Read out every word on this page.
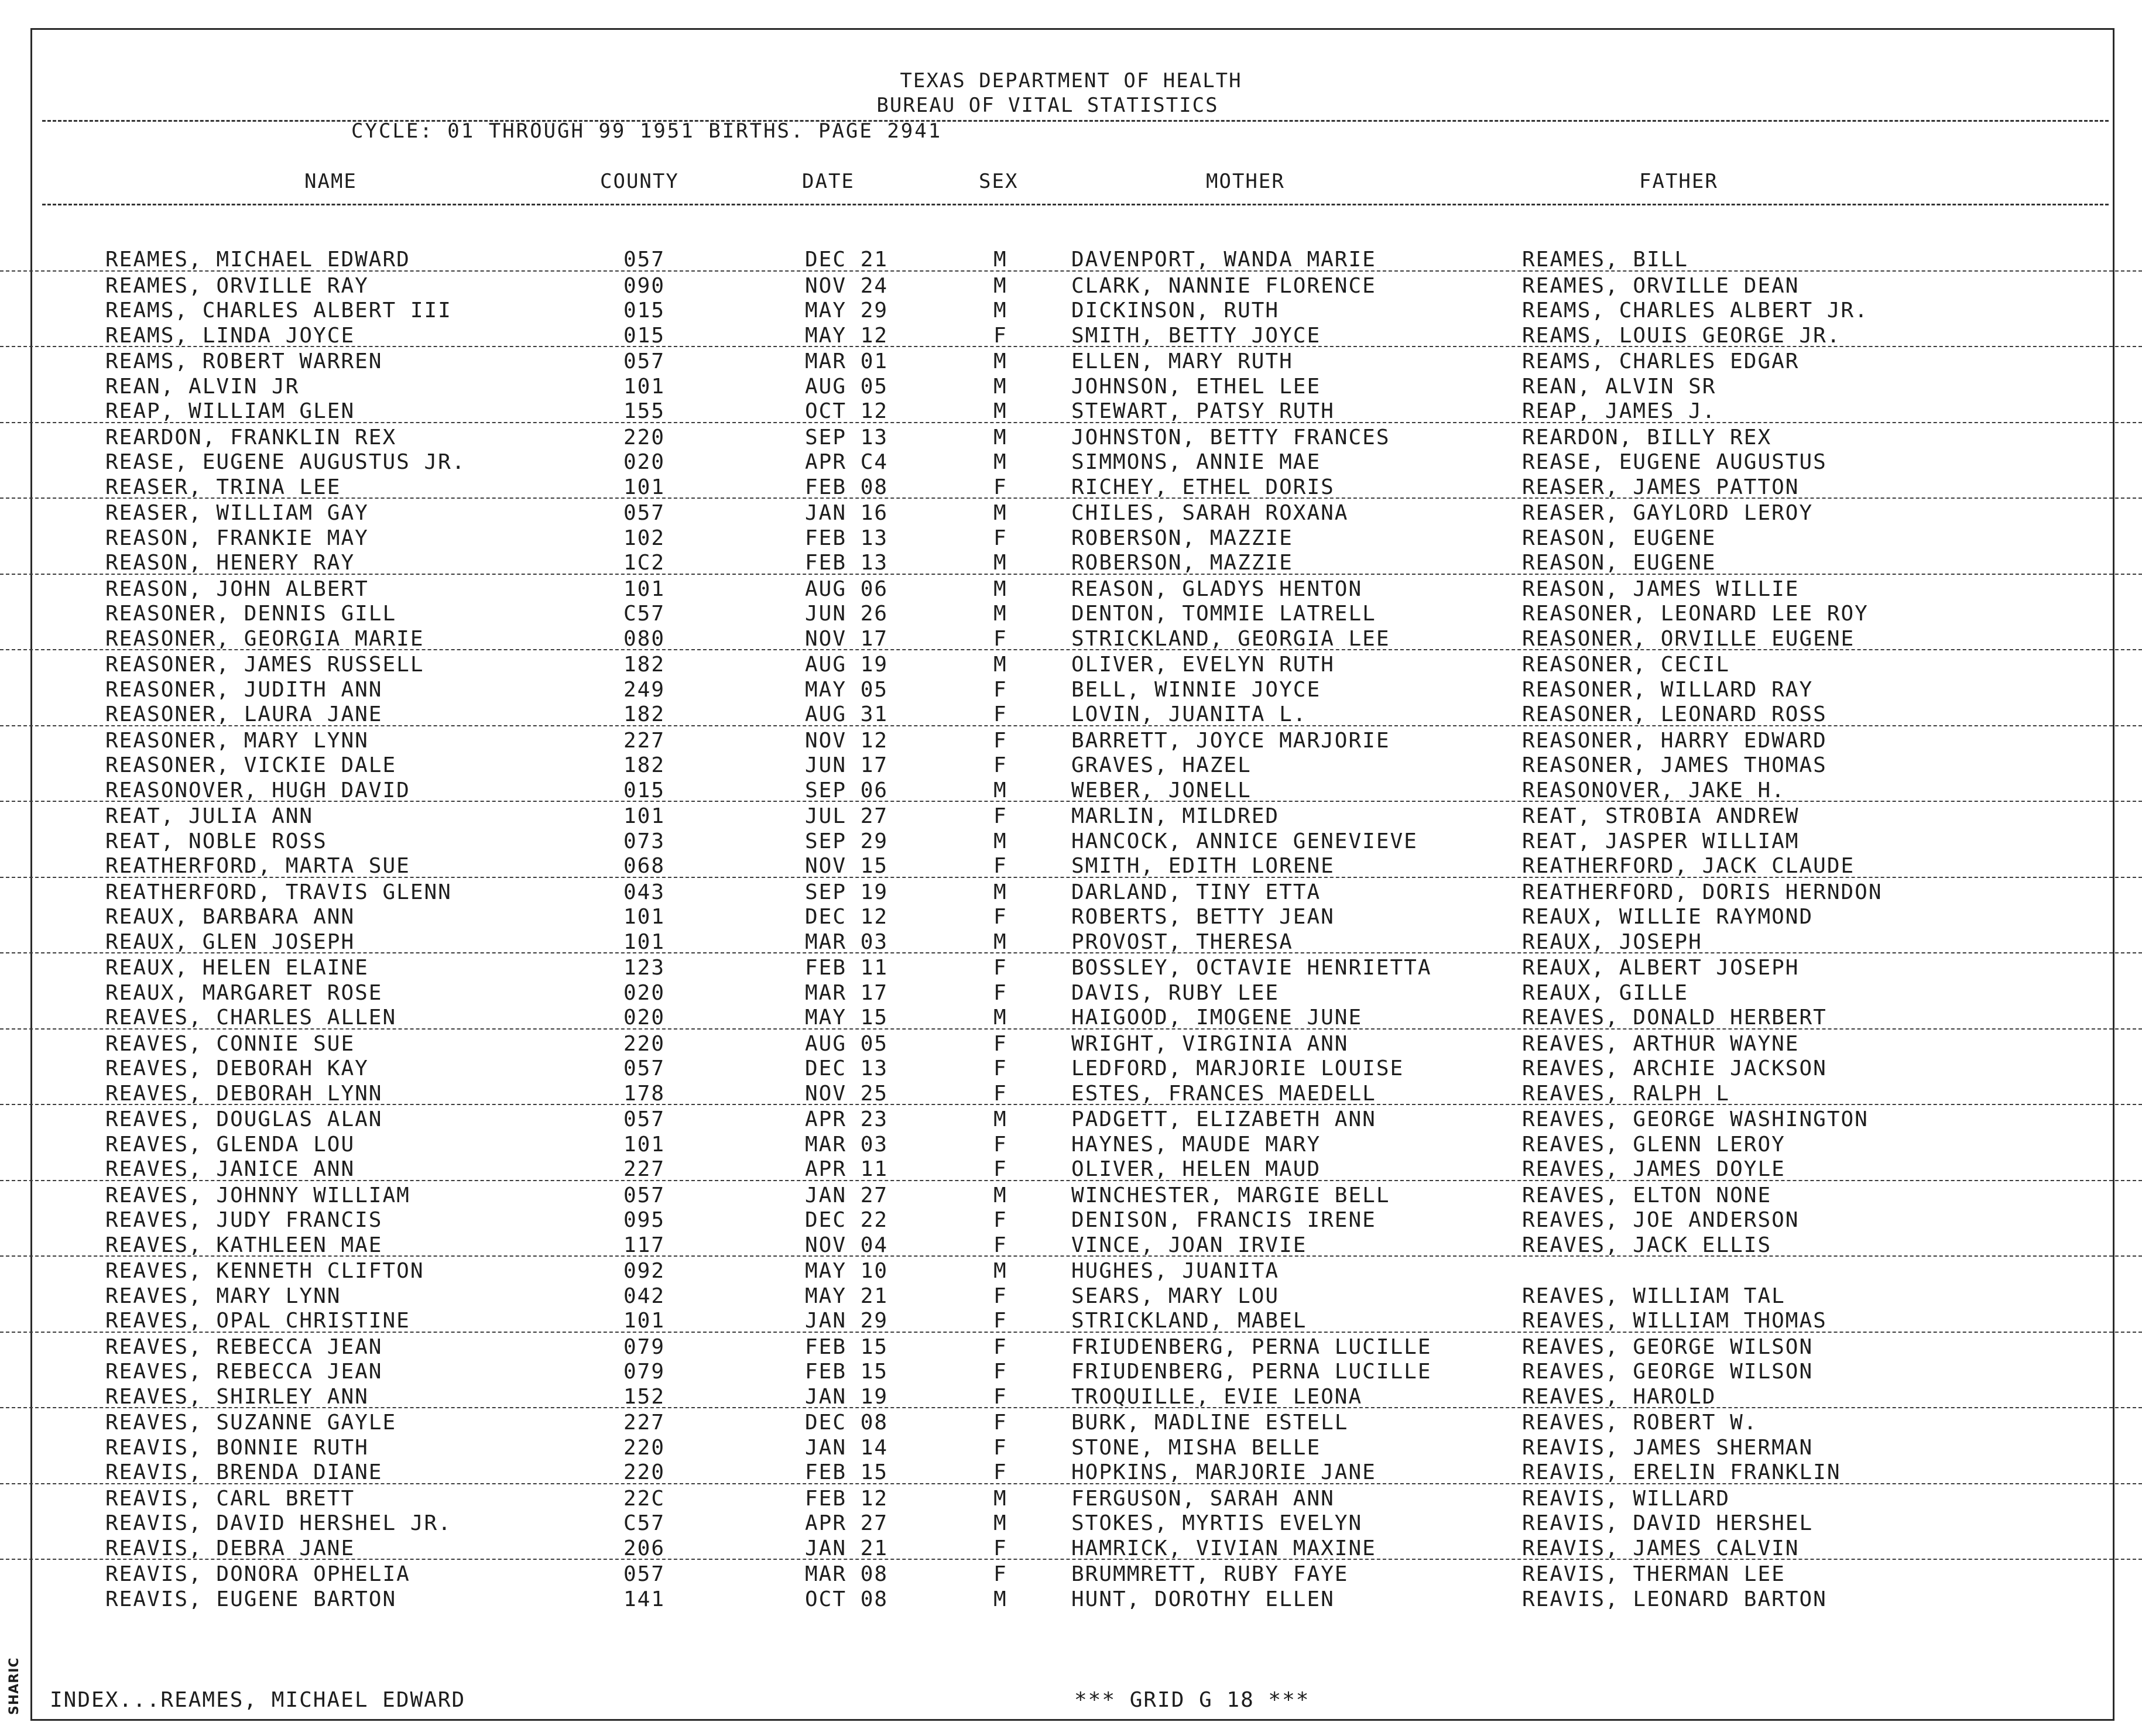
TEXAS DEPARTMENT OF HEALTH
BUREAU OF VITAL STATISTICS
CYCLE: 01 THROUGH 99 1951 BIRTHS. PAGE 2941
NAME	COUNTY	DATE	SEX	MOTHER	FATHER
REAMES, MICHAEL EDWARD	057	DEC 21	M	DAVENPORT, WANDA MARIE	REAMES, BILL
REAMES, ORVILLE RAY	090	NOV 24	M	CLARK, NANNIE FLORENCE	REAMES, ORVILLE DEAN
REAMS, CHARLES ALBERT III	015	MAY 29	M	DICKINSON, RUTH	REAMS, CHARLES ALBERT JR.
REAMS, LINDA JOYCE	015	MAY 12	F	SMITH, BETTY JOYCE	REAMS, LOUIS GEORGE JR.
REAMS, ROBERT WARREN	057	MAR 01	M	ELLEN, MARY RUTH	REAMS, CHARLES EDGAR
REAN, ALVIN JR	101	AUG 05	M	JOHNSON, ETHEL LEE	REAN, ALVIN SR
REAP, WILLIAM GLEN	155	OCT 12	M	STEWART, PATSY RUTH	REAP, JAMES J.
REARDON, FRANKLIN REX	220	SEP 13	M	JOHNSTON, BETTY FRANCES	REARDON, BILLY REX
REASE, EUGENE AUGUSTUS JR.	020	APR C4	M	SIMMONS, ANNIE MAE	REASE, EUGENE AUGUSTUS
REASER, TRINA LEE	101	FEB 08	F	RICHEY, ETHEL DORIS	REASER, JAMES PATTON
REASER, WILLIAM GAY	057	JAN 16	M	CHILES, SARAH ROXANA	REASER, GAYLORD LEROY
REASON, FRANKIE MAY	102	FEB 13	F	ROBERSON, MAZZIE	REASON, EUGENE
REASON, HENERY RAY	1C2	FEB 13	M	ROBERSON, MAZZIE	REASON, EUGENE
REASON, JOHN ALBERT	101	AUG 06	M	REASON, GLADYS HENTON	REASON, JAMES WILLIE
REASONER, DENNIS GILL	C57	JUN 26	M	DENTON, TOMMIE LATRELL	REASONER, LEONARD LEE ROY
REASONER, GEORGIA MARIE	080	NOV 17	F	STRICKLAND, GEORGIA LEE	REASONER, ORVILLE EUGENE
REASONER, JAMES RUSSELL	182	AUG 19	M	OLIVER, EVELYN RUTH	REASONER, CECIL
REASONER, JUDITH ANN	249	MAY 05	F	BELL, WINNIE JOYCE	REASONER, WILLARD RAY
REASONER, LAURA JANE	182	AUG 31	F	LOVIN, JUANITA L.	REASONER, LEONARD ROSS
REASONER, MARY LYNN	227	NOV 12	F	BARRETT, JOYCE MARJORIE	REASONER, HARRY EDWARD
REASONER, VICKIE DALE	182	JUN 17	F	GRAVES, HAZEL	REASONER, JAMES THOMAS
REASONOVER, HUGH DAVID	015	SEP 06	M	WEBER, JONELL	REASONOVER, JAKE H.
REAT, JULIA ANN	101	JUL 27	F	MARLIN, MILDRED	REAT, STROBIA ANDREW
REAT, NOBLE ROSS	073	SEP 29	M	HANCOCK, ANNICE GENEVIEVE	REAT, JASPER WILLIAM
REATHERFORD, MARTA SUE	068	NOV 15	F	SMITH, EDITH LORENE	REATHERFORD, JACK CLAUDE
REATHERFORD, TRAVIS GLENN	043	SEP 19	M	DARLAND, TINY ETTA	REATHERFORD, DORIS HERNDON
REAUX, BARBARA ANN	101	DEC 12	F	ROBERTS, BETTY JEAN	REAUX, WILLIE RAYMOND
REAUX, GLEN JOSEPH	101	MAR 03	M	PROVOST, THERESA	REAUX, JOSEPH
REAUX, HELEN ELAINE	123	FEB 11	F	BOSSLEY, OCTAVIE HENRIETTA	REAUX, ALBERT JOSEPH
REAUX, MARGARET ROSE	020	MAR 17	F	DAVIS, RUBY LEE	REAUX, GILLE
REAVES, CHARLES ALLEN	020	MAY 15	M	HAIGOOD, IMOGENE JUNE	REAVES, DONALD HERBERT
REAVES, CONNIE SUE	220	AUG 05	F	WRIGHT, VIRGINIA ANN	REAVES, ARTHUR WAYNE
REAVES, DEBORAH KAY	057	DEC 13	F	LEDFORD, MARJORIE LOUISE	REAVES, ARCHIE JACKSON
REAVES, DEBORAH LYNN	178	NOV 25	F	ESTES, FRANCES MAEDELL	REAVES, RALPH L
REAVES, DOUGLAS ALAN	057	APR 23	M	PADGETT, ELIZABETH ANN	REAVES, GEORGE WASHINGTON
REAVES, GLENDA LOU	101	MAR 03	F	HAYNES, MAUDE MARY	REAVES, GLENN LEROY
REAVES, JANICE ANN	227	APR 11	F	OLIVER, HELEN MAUD	REAVES, JAMES DOYLE
REAVES, JOHNNY WILLIAM	057	JAN 27	M	WINCHESTER, MARGIE BELL	REAVES, ELTON NONE
REAVES, JUDY FRANCIS	095	DEC 22	F	DENISON, FRANCIS IRENE	REAVES, JOE ANDERSON
REAVES, KATHLEEN MAE	117	NOV 04	F	VINCE, JOAN IRVIE	REAVES, JACK ELLIS
REAVES, KENNETH CLIFTON	092	MAY 10	M	HUGHES, JUANITA
REAVES, MARY LYNN	042	MAY 21	F	SEARS, MARY LOU	REAVES, WILLIAM TAL
REAVES, OPAL CHRISTINE	101	JAN 29	F	STRICKLAND, MABEL	REAVES, WILLIAM THOMAS
REAVES, REBECCA JEAN	079	FEB 15	F	FRIUDENBERG, PERNA LUCILLE	REAVES, GEORGE WILSON
REAVES, REBECCA JEAN	079	FEB 15	F	FRIUDENBERG, PERNA LUCILLE	REAVES, GEORGE WILSON
REAVES, SHIRLEY ANN	152	JAN 19	F	TROQUILLE, EVIE LEONA	REAVES, HAROLD
REAVES, SUZANNE GAYLE	227	DEC 08	F	BURK, MADLINE ESTELL	REAVES, ROBERT W.
REAVIS, BONNIE RUTH	220	JAN 14	F	STONE, MISHA BELLE	REAVIS, JAMES SHERMAN
REAVIS, BRENDA DIANE	220	FEB 15	F	HOPKINS, MARJORIE JANE	REAVIS, ERELIN FRANKLIN
REAVIS, CARL BRETT	22C	FEB 12	M	FERGUSON, SARAH ANN	REAVIS, WILLARD
REAVIS, DAVID HERSHEL JR.	C57	APR 27	M	STOKES, MYRTIS EVELYN	REAVIS, DAVID HERSHEL
REAVIS, DEBRA JANE	206	JAN 21	F	HAMRICK, VIVIAN MAXINE	REAVIS, JAMES CALVIN
REAVIS, DONORA OPHELIA	057	MAR 08	F	BRUMMRETT, RUBY FAYE	REAVIS, THERMAN LEE
REAVIS, EUGENE BARTON	141	OCT 08	M	HUNT, DOROTHY ELLEN	REAVIS, LEONARD BARTON
INDEX...REAMES, MICHAEL EDWARD	*** GRID G 18 ***
SHARIC
